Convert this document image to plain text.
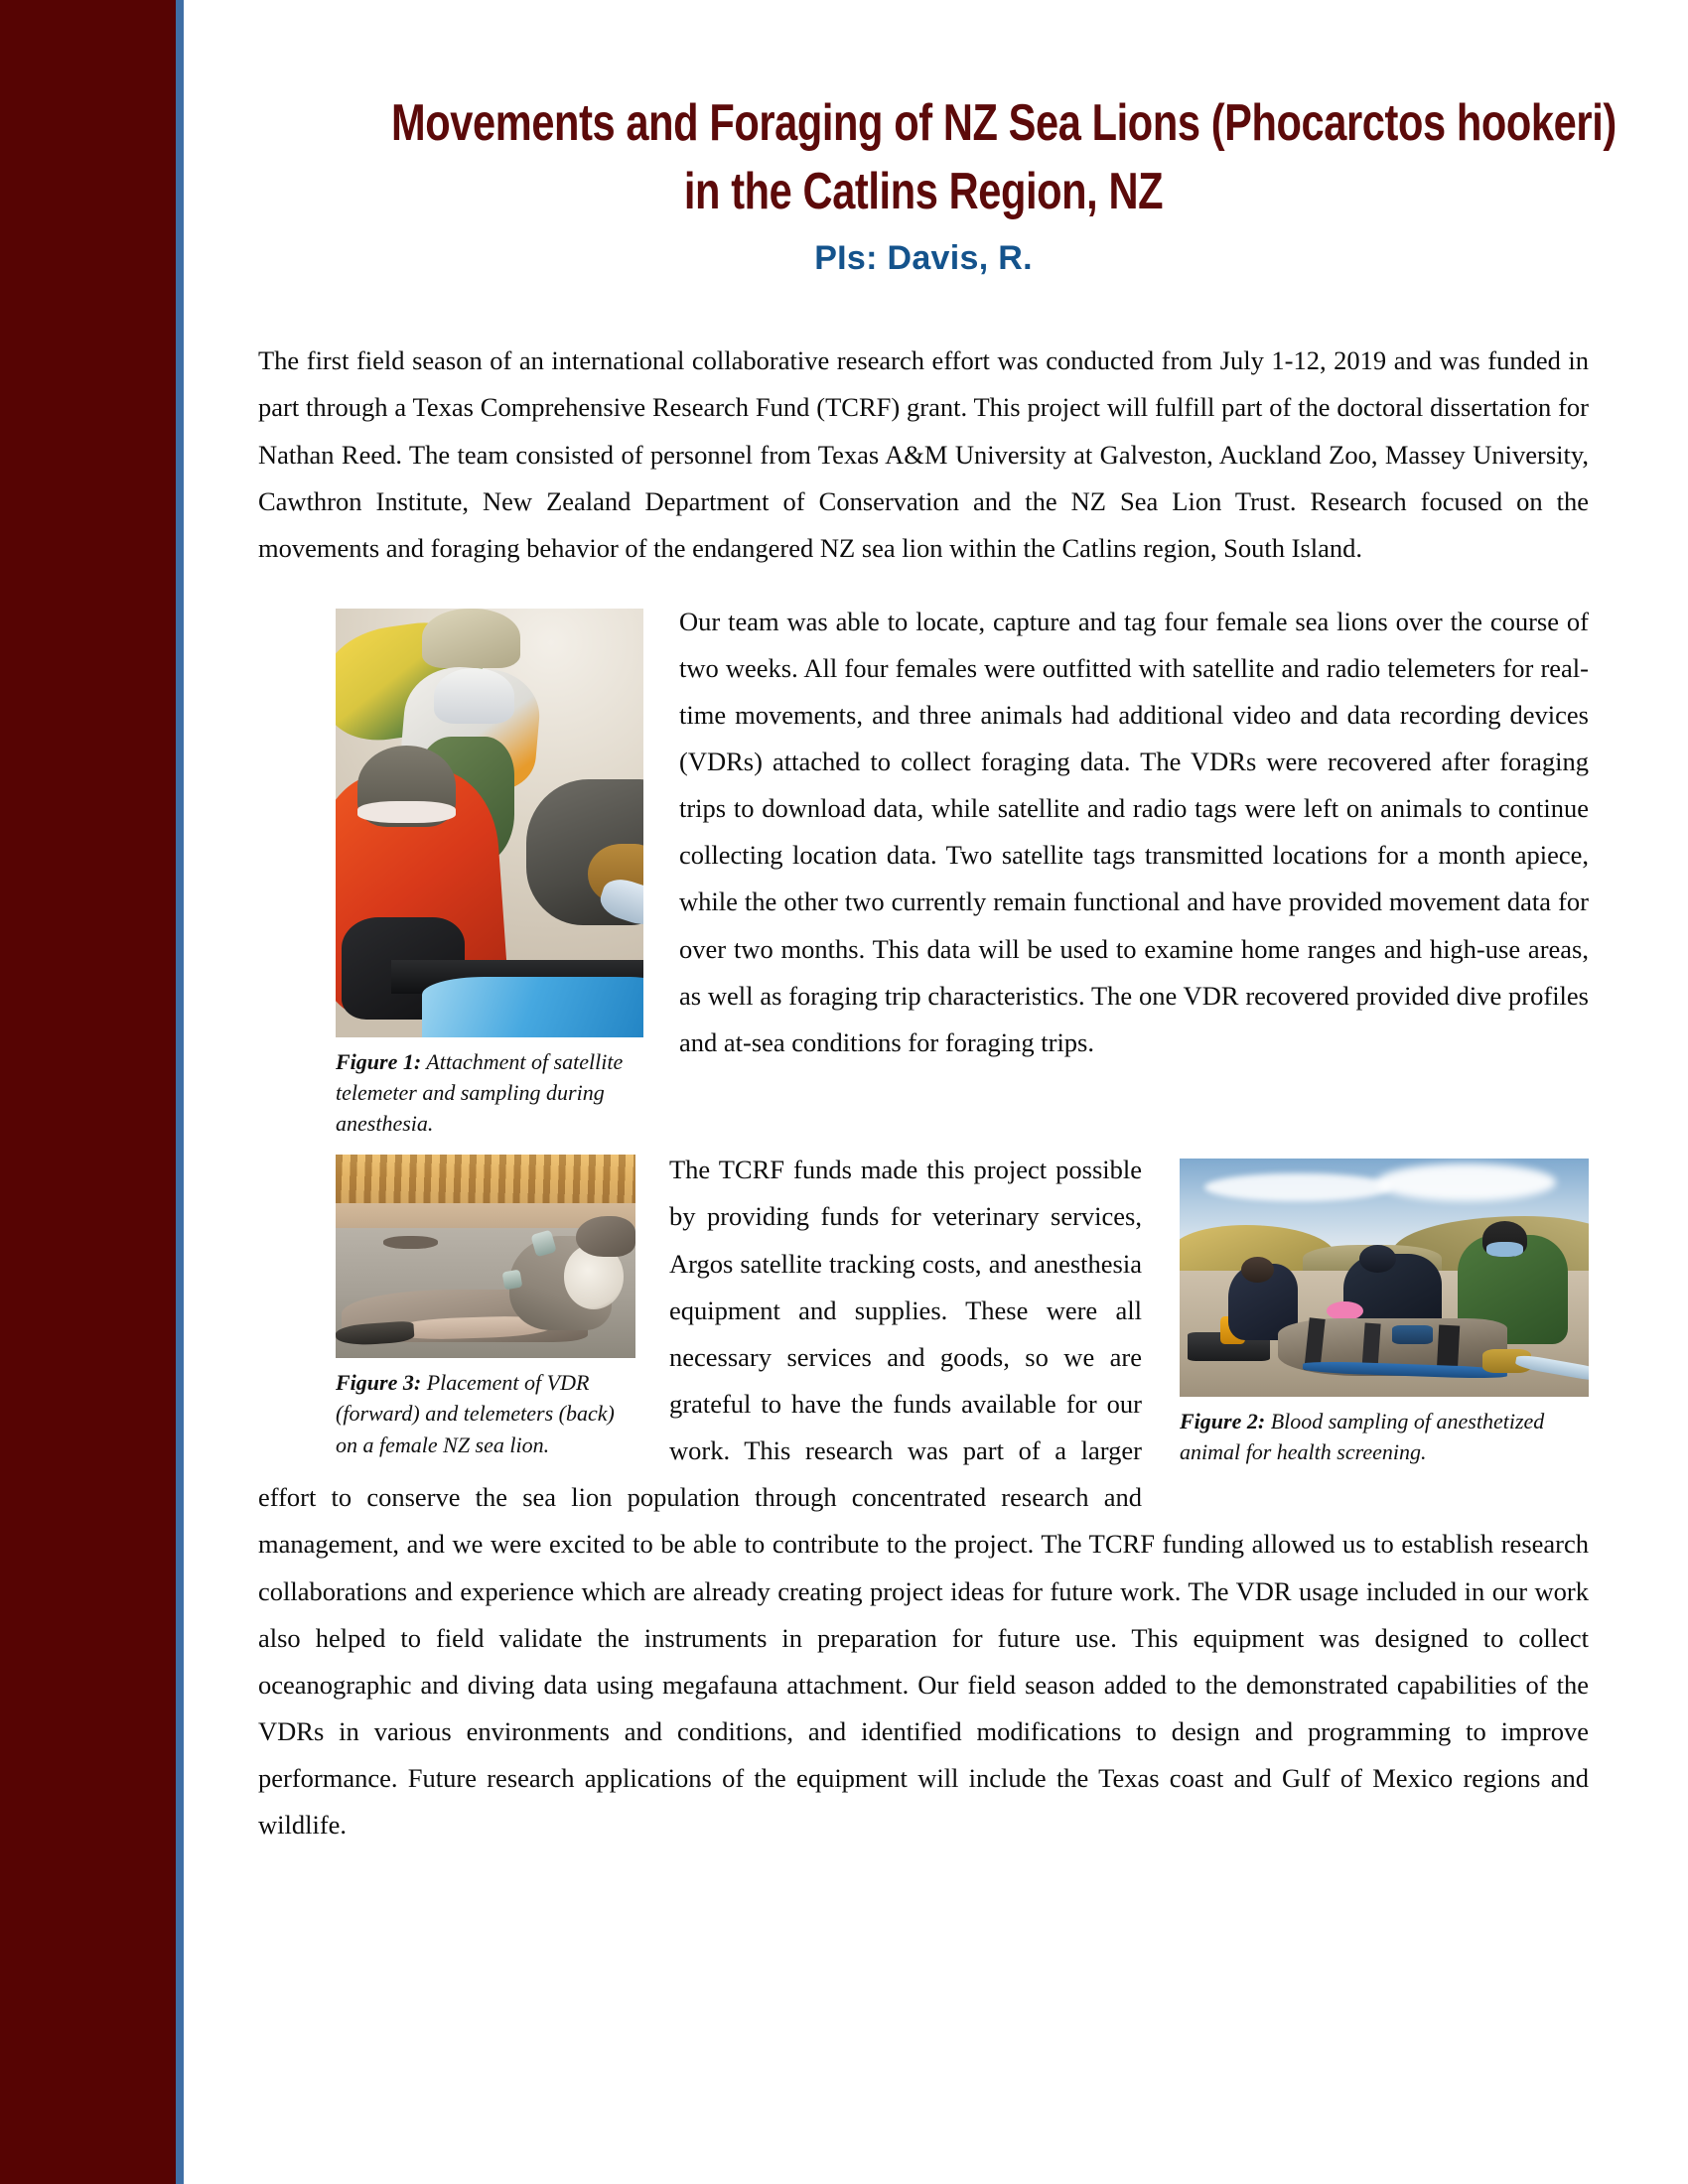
Movements and Foraging of NZ Sea Lions (Phocarctos hookeri)
in the Catlins Region, NZ
PIs: Davis, R.

The first field season of an international collaborative research effort was conducted from July 1-12, 2019 and was funded in part through a Texas Comprehensive Research Fund (TCRF) grant. This project will fulfill part of the doctoral dissertation for Nathan Reed. The team consisted of personnel from Texas A&M University at Galveston, Auckland Zoo, Massey University, Cawthron Institute, New Zealand Department of Conservation and the NZ Sea Lion Trust. Research focused on the movements and foraging behavior of the endangered NZ sea lion within the Catlins region, South Island.

Figure 1: Attachment of satellite telemeter and sampling during anesthesia.

Our team was able to locate, capture and tag four female sea lions over the course of two weeks. All four females were outfitted with satellite and radio telemeters for real-time movements, and three animals had additional video and data recording devices (VDRs) attached to collect foraging data. The VDRs were recovered after foraging trips to download data, while satellite and radio tags were left on animals to continue collecting location data. Two satellite tags transmitted locations for a month apiece, while the other two currently remain functional and have provided movement data for over two months. This data will be used to examine home ranges and high-use areas, as well as foraging trip characteristics. The one VDR recovered provided dive profiles and at-sea conditions for foraging trips.

Figure 2: Blood sampling of anesthetized animal for health screening.
Figure 3: Placement of VDR (forward) and telemeters (back) on a female NZ sea lion.

The TCRF funds made this project possible by providing funds for veterinary services, Argos satellite tracking costs, and anesthesia equipment and supplies. These were all necessary services and goods, so we are grateful to have the funds available for our work. This research was part of a larger effort to conserve the sea lion population through concentrated research and management, and we were excited to be able to contribute to the project. The TCRF funding allowed us to establish research collaborations and experience which are already creating project ideas for future work. The VDR usage included in our work also helped to field validate the instruments in preparation for future use. This equipment was designed to collect oceanographic and diving data using megafauna attachment. Our field season added to the demonstrated capabilities of the VDRs in various environments and conditions, and identified modifications to design and programming to improve performance. Future research applications of the equipment will include the Texas coast and Gulf of Mexico regions and wildlife.
